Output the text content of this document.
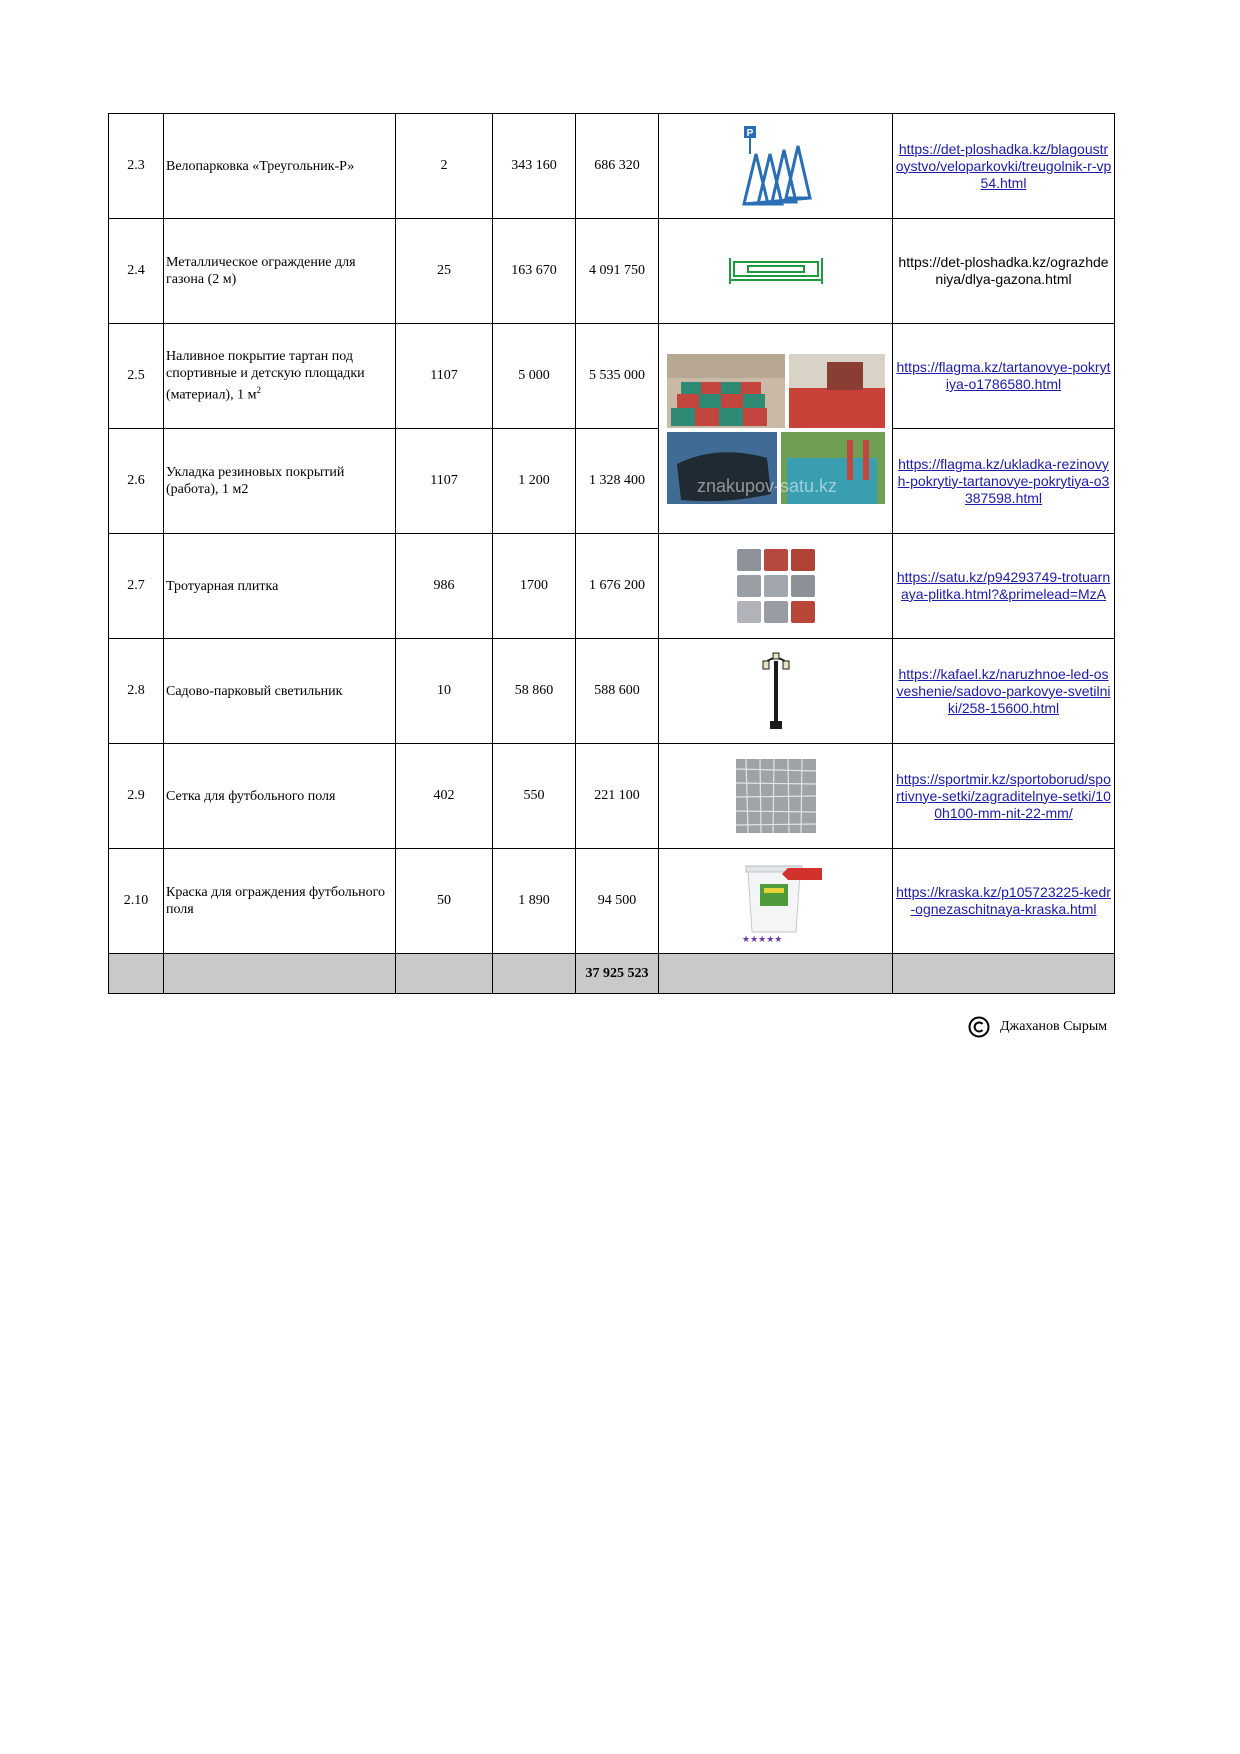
2.3	Велопарковка «Треугольник-Р»	2	343 160	686 320	P	https://det-ploshadka.kz/blagoustroystvo/veloparkovki/treugolnik-r-vp54.html
2.4	Металлическое ограждение для газона (2 м)	25	163 670	4 091 750		https://det-ploshadka.kz/ograzhdeniya/dlya-gazona.html
2.5	Наливное покрытие тартан под спортивные и детскую площадки (материал), 1 $м^2$	1107	5 000	5 535 000	znakupov-satu.kz	https://flagma.kz/tartanovye-pokrytiya-o1786580.html
2.6	Укладка резиновых покрытий (работа), 1 м2	1107	1 200	1 328 400		https://flagma.kz/ukladka-rezinovyh-pokrytiy-tartanovye-pokrytiya-o3387598.html
2.7	Тротуарная плитка	986	1700	1 676 200		https://satu.kz/p94293749-trotuarnaya-plitka.html?&primelead=MzA
2.8	Садово-парковый светильник	10	58 860	588 600		https://kafael.kz/naruzhnoe-led-osveshenie/sadovo-parkovye-svetilniki/258-15600.html
2.9	Сетка для футбольного поля	402	550	221 100		https://sportmir.kz/sportoborud/sportivnye-setki/zagraditelnye-setki/100h100-mm-nit-22-mm/
2.10	Краска для ограждения футбольного поля	50	1 890	94 500	★★★★★	https://kraska.kz/p105723225-kedr-ognezaschitnaya-kraska.html
				37 925 523		
Джаханов Сырым
